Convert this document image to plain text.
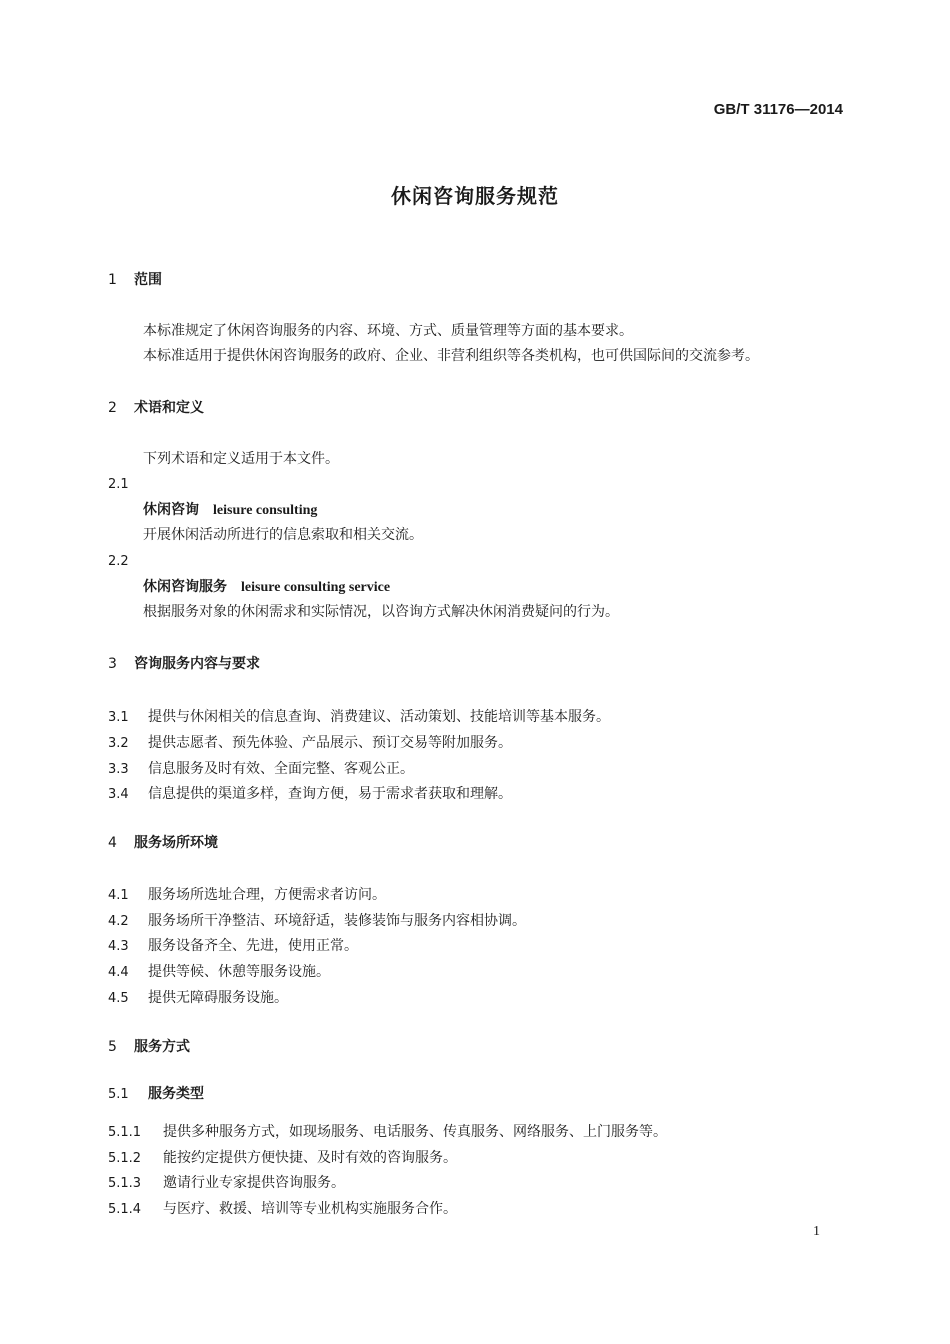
GB/T 31176—2014
休闲咨询服务规范
1 范围
本标准规定了休闲咨询服务的内容、环境、方式、质量管理等方面的基本要求。
本标准适用于提供休闲咨询服务的政府、企业、非营利组织等各类机构，也可供国际间的交流参考。
2 术语和定义
下列术语和定义适用于本文件。
2.1
休闲咨询 leisure consulting
开展休闲活动所进行的信息索取和相关交流。
2.2
休闲咨询服务 leisure consulting service
根据服务对象的休闲需求和实际情况，以咨询方式解决休闲消费疑问的行为。
3 咨询服务内容与要求
3.1 提供与休闲相关的信息查询、消费建议、活动策划、技能培训等基本服务。
3.2 提供志愿者、预先体验、产品展示、预订交易等附加服务。
3.3 信息服务及时有效、全面完整、客观公正。
3.4 信息提供的渠道多样，查询方便，易于需求者获取和理解。
4 服务场所环境
4.1 服务场所选址合理，方便需求者访问。
4.2 服务场所干净整洁、环境舒适，装修装饰与服务内容相协调。
4.3 服务设备齐全、先进，使用正常。
4.4 提供等候、休憩等服务设施。
4.5 提供无障碍服务设施。
5 服务方式
5.1 服务类型
5.1.1 提供多种服务方式，如现场服务、电话服务、传真服务、网络服务、上门服务等。
5.1.2 能按约定提供方便快捷、及时有效的咨询服务。
5.1.3 邀请行业专家提供咨询服务。
5.1.4 与医疗、救援、培训等专业机构实施服务合作。
1
